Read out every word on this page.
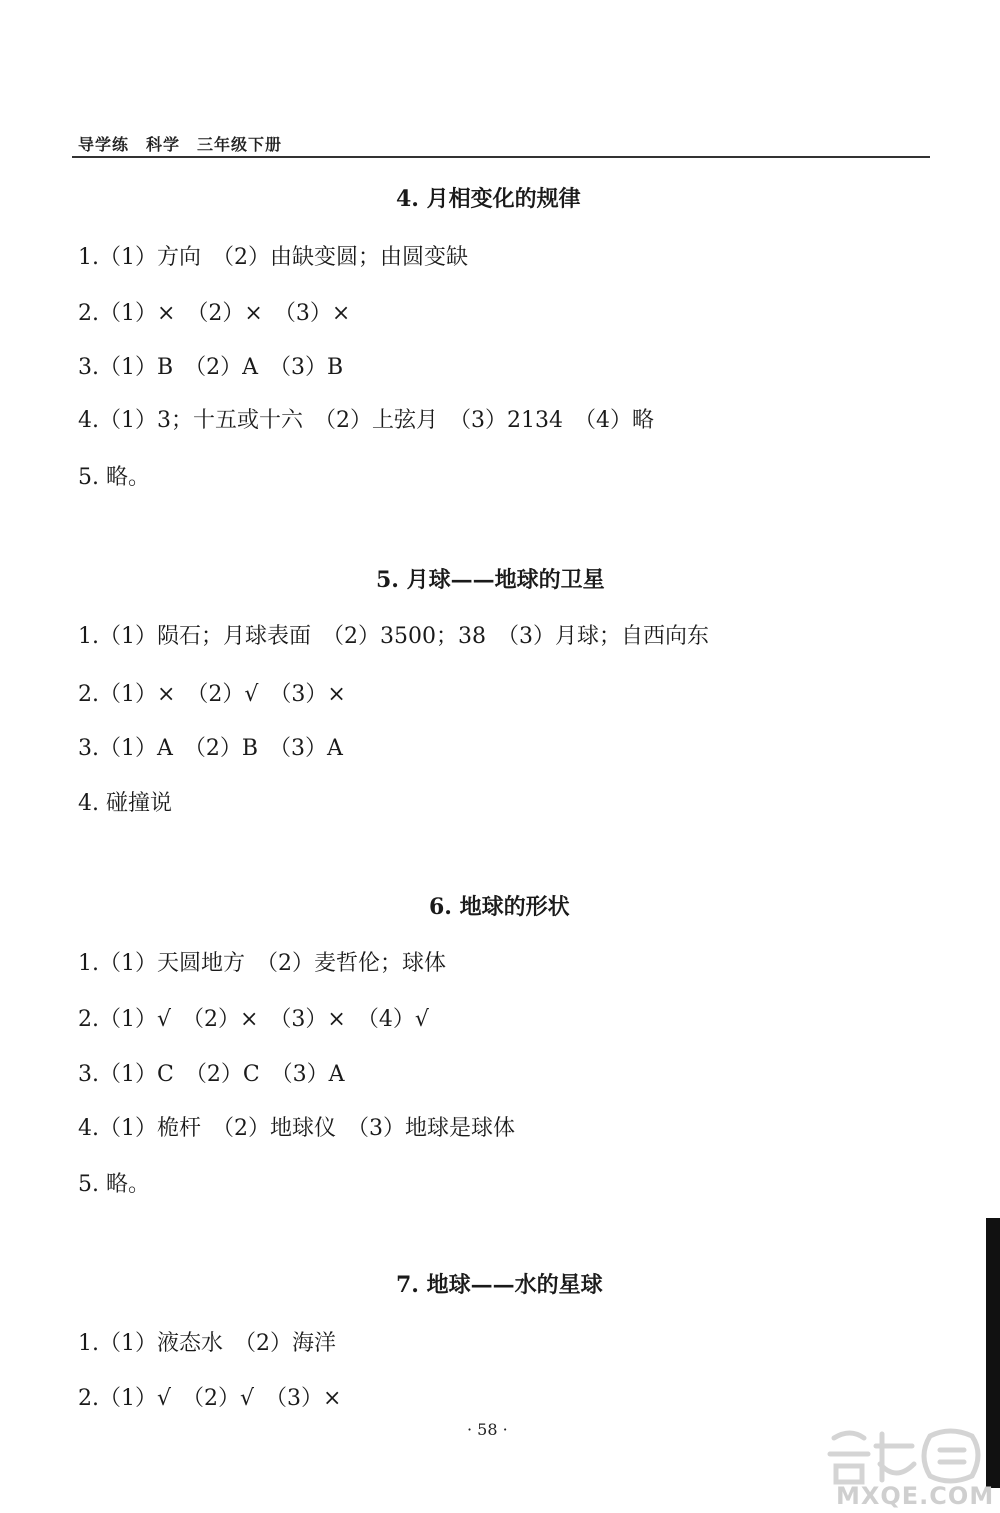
导学练　科学　三年级下册
4. 月相变化的规律
1.（1）方向　（2）由缺变圆；由圆变缺
2.（1）×　（2）×　（3）×
3.（1）B　（2）A　（3）B
4.（1）3；十五或十六　（2）上弦月　（3）2134　（4）略
5. 略。
5. 月球——地球的卫星
1.（1）陨石；月球表面　（2）3500；38　（3）月球；自西向东
2.（1）×　（2）√　（3）×
3.（1）A　（2）B　（3）A
4. 碰撞说
6. 地球的形状
1.（1）天圆地方　（2）麦哲伦；球体
2.（1）√　（2）×　（3）×　（4）√
3.（1）C　（2）C　（3）A
4.（1）桅杆　（2）地球仪　（3）地球是球体
5. 略。
7. 地球——水的星球
1.（1）液态水　（2）海洋
2.（1）√　（2）√　（3）×
· 58 ·
MXQE.COM
